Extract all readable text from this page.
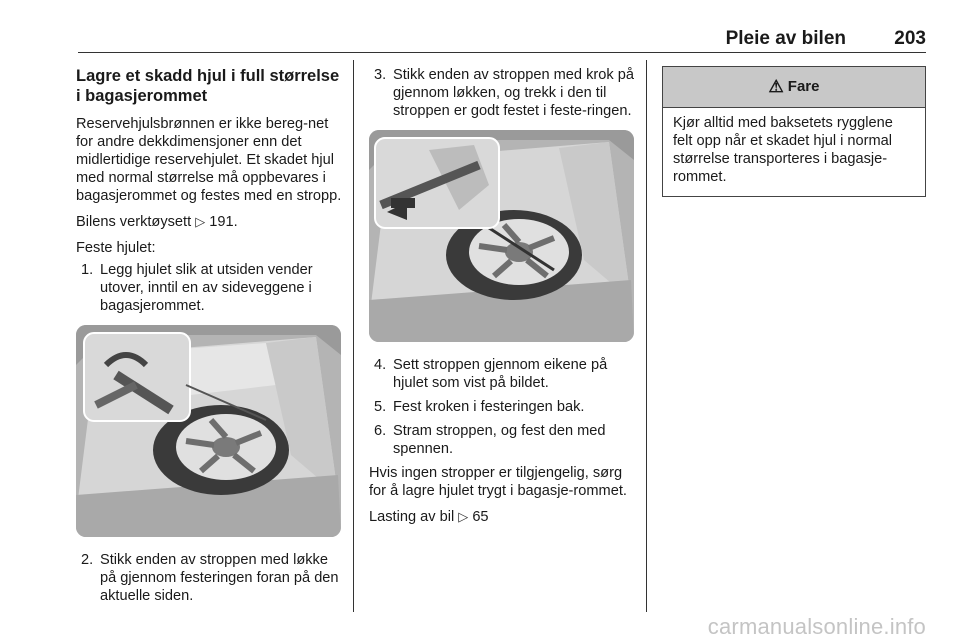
Pleie av bilen	203
Lagre et skadd hjul i full størrelse i bagasjerommet

Reservehjulsbrønnen er ikke bereg-net for andre dekkdimensjoner enn det midlertidige reservehjulet. Et skadet hjul med normal størrelse må oppbevares i bagasjerommet og festes med en stropp.

Bilens verktøysett ▷ 191.

Feste hjulet:

1. Legg hjulet slik at utsiden vender utover, inntil en av sideveggene i bagasjerommet.
2. Stikk enden av stroppen med løkke på gjennom festeringen foran på den aktuelle siden.
3. Stikk enden av stroppen med krok på gjennom løkken, og trekk i den til stroppen er godt festet i feste-ringen.
4. Sett stroppen gjennom eikene på hjulet som vist på bildet.
5. Fest kroken i festeringen bak.
6. Stram stroppen, og fest den med spennen.

Hvis ingen stropper er tilgjengelig, sørg for å lagre hjulet trygt i bagasje-rommet.

Lasting av bil ▷ 65

⚠ Fare
Kjør alltid med baksetets rygglene felt opp når et skadet hjul i normal størrelse transporteres i bagasje-rommet.
carmanualsonline.info
